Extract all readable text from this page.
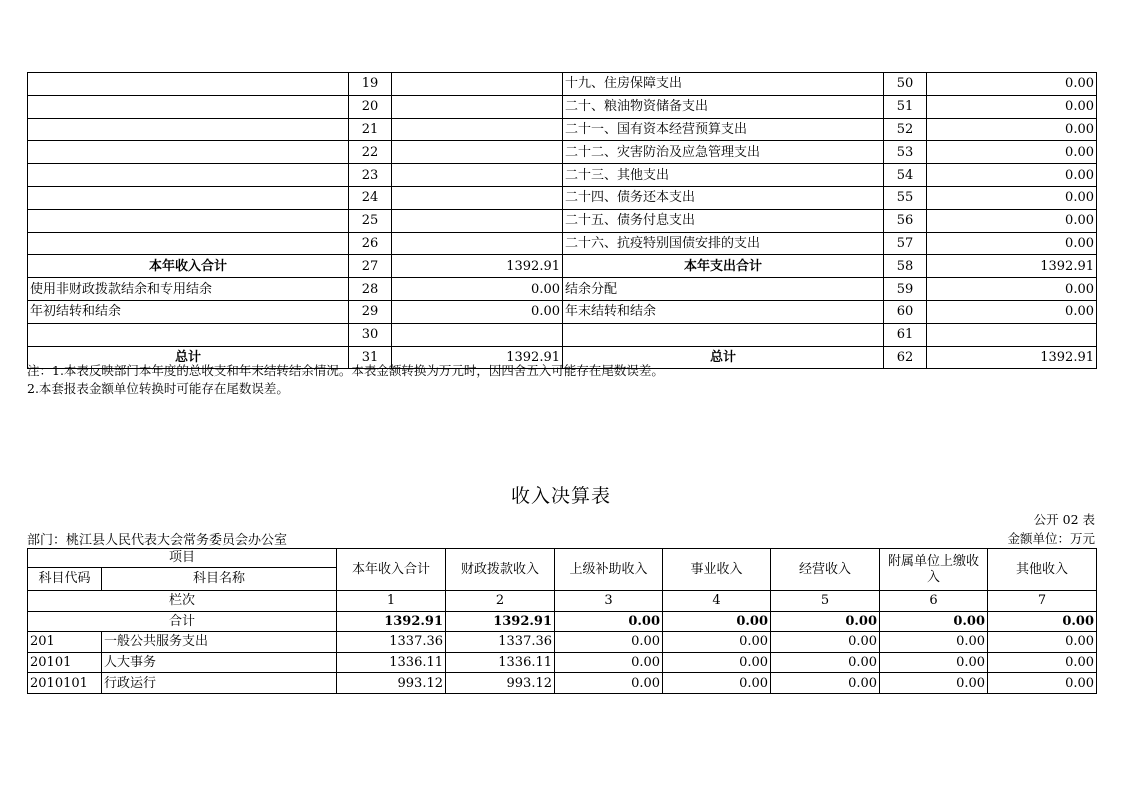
	19		十九、住房保障支出	50	0.00
	20		二十、粮油物资储备支出	51	0.00
	21		二十一、国有资本经营预算支出	52	0.00
	22		二十二、灾害防治及应急管理支出	53	0.00
	23		二十三、其他支出	54	0.00
	24		二十四、债务还本支出	55	0.00
	25		二十五、债务付息支出	56	0.00
	26		二十六、抗疫特别国债安排的支出	57	0.00
本年收入合计	27	1392.91	本年支出合计	58	1392.91
使用非财政拨款结余和专用结余	28	0.00	结余分配	59	0.00
年初结转和结余	29	0.00	年末结转和结余	60	0.00
	30			61	
总计	31	1392.91	总计	62	1392.91
注：1.本表反映部门本年度的总收支和年末结转结余情况。本表金额转换为万元时，因四舍五入可能存在尾数误差。
2.本套报表金额单位转换时可能存在尾数误差。
收入决算表
公开 02 表
部门：桃江县人民代表大会常务委员会办公室	金额单位：万元
项目		本年收入合计	财政拨款收入	上级补助收入	事业收入	经营收入	附属单位上缴收入	其他收入
科目代码	科目名称							
栏次		1	2	3	4	5	6	7
合计		1392.91	1392.91	0.00	0.00	0.00	0.00	0.00
201	一般公共服务支出	1337.36	1337.36	0.00	0.00	0.00	0.00	0.00
20101	人大事务	1336.11	1336.11	0.00	0.00	0.00	0.00	0.00
2010101	行政运行	993.12	993.12	0.00	0.00	0.00	0.00	0.00
